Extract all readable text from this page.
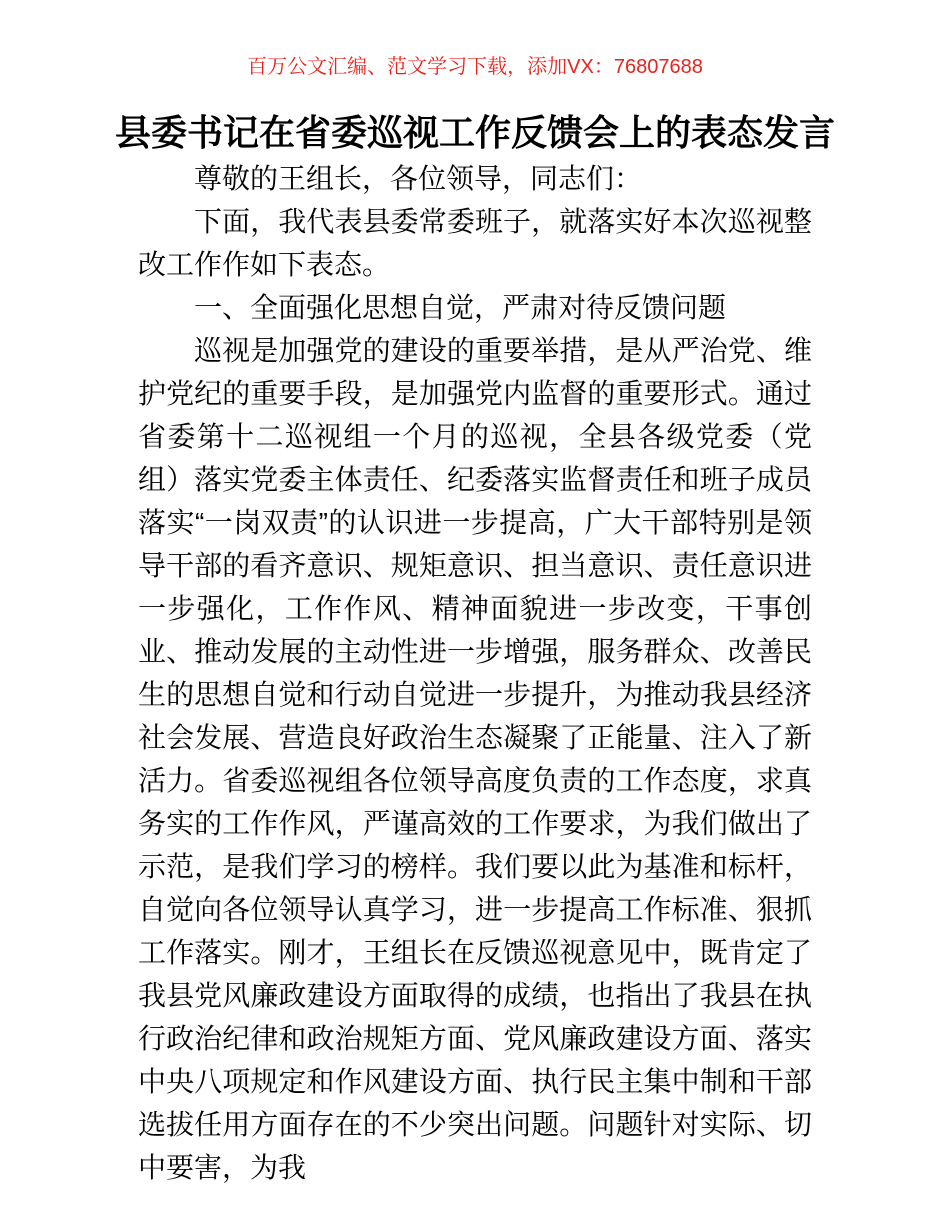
百万公文汇编、范文学习下载，添加VX：76807688
县委书记在省委巡视工作反馈会上的表态发言

尊敬的王组长，各位领导，同志们：

下面，我代表县委常委班子，就落实好本次巡视整改工作作如下表态。

一、全面强化思想自觉，严肃对待反馈问题

巡视是加强党的建设的重要举措，是从严治党、维护党纪的重要手段，是加强党内监督的重要形式。通过省委第十二巡视组一个月的巡视，全县各级党委（党组）落实党委主体责任、纪委落实监督责任和班子成员落实“一岗双责”的认识进一步提高，广大干部特别是领导干部的看齐意识、规矩意识、担当意识、责任意识进一步强化，工作作风、精神面貌进一步改变，干事创业、推动发展的主动性进一步增强，服务群众、改善民生的思想自觉和行动自觉进一步提升，为推动我县经济社会发展、营造良好政治生态凝聚了正能量、注入了新活力。省委巡视组各位领导高度负责的工作态度，求真务实的工作作风，严谨高效的工作要求，为我们做出了示范，是我们学习的榜样。我们要以此为基准和标杆，自觉向各位领导认真学习，进一步提高工作标准、狠抓工作落实。刚才，王组长在反馈巡视意见中，既肯定了我县党风廉政建设方面取得的成绩，也指出了我县在执行政治纪律和政治规矩方面、党风廉政建设方面、落实中央八项规定和作风建设方面、执行民主集中制和干部选拔任用方面存在的不少突出问题。问题针对实际、切中要害，为我
